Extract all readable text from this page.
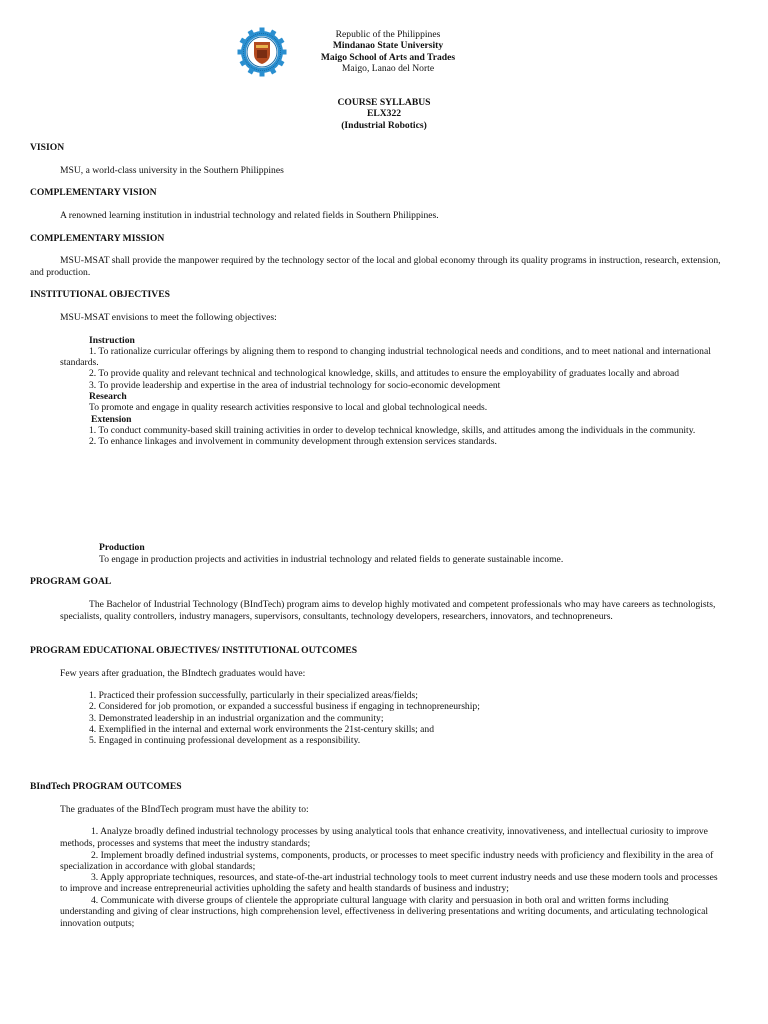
Republic of the Philippines
Mindanao State University
Maigo School of Arts and Trades
Maigo, Lanao del Norte
COURSE SYLLABUS
ELX322
(Industrial Robotics)
VISION
MSU, a world-class university in the Southern Philippines
COMPLEMENTARY VISION
A renowned learning institution in industrial technology and related fields in Southern Philippines.
COMPLEMENTARY MISSION
MSU-MSAT shall provide the manpower required by the technology sector of the local and global economy through its quality programs in instruction, research, extension,
and production.
INSTITUTIONAL OBJECTIVES
MSU-MSAT envisions to meet the following objectives:
Instruction
1. To rationalize curricular offerings by aligning them to respond to changing industrial technological needs and conditions, and to meet national and international
standards.
2. To provide quality and relevant technical and technological knowledge, skills, and attitudes to ensure the employability of graduates locally and abroad
3. To provide leadership and expertise in the area of industrial technology for socio-economic development
Research
To promote and engage in quality research activities responsive to local and global technological needs.
Extension
1. To conduct community-based skill training activities in order to develop technical knowledge, skills, and attitudes among the individuals in the community.
2. To enhance linkages and involvement in community development through extension services standards.
Production
To engage in production projects and activities in industrial technology and related fields to generate sustainable income.
PROGRAM GOAL
The Bachelor of Industrial Technology (BIndTech) program aims to develop highly motivated and competent professionals who may have careers as technologists,
specialists, quality controllers, industry managers, supervisors, consultants, technology developers, researchers, innovators, and technopreneurs.
PROGRAM EDUCATIONAL OBJECTIVES/ INSTITUTIONAL OUTCOMES
Few years after graduation, the BIndtech graduates would have:
1. Practiced their profession successfully, particularly in their specialized areas/fields;
2. Considered for job promotion, or expanded a successful business if engaging in technopreneurship;
3. Demonstrated leadership in an industrial organization and the community;
4. Exemplified in the internal and external work environments the 21st-century skills; and
5. Engaged in continuing professional development as a responsibility.
BIndTech PROGRAM OUTCOMES
The graduates of the BIndTech program must have the ability to:
1. Analyze broadly defined industrial technology processes by using analytical tools that enhance creativity, innovativeness, and intellectual curiosity to improve
methods, processes and systems that meet the industry standards;
2. Implement broadly defined industrial systems, components, products, or processes to meet specific industry needs with proficiency and flexibility in the area of
specialization in accordance with global standards;
3. Apply appropriate techniques, resources, and state-of-the-art industrial technology tools to meet current industry needs and use these modern tools and processes
to improve and increase entrepreneurial activities upholding the safety and health standards of business and industry;
4. Communicate with diverse groups of clientele the appropriate cultural language with clarity and persuasion in both oral and written forms including
understanding and giving of clear instructions, high comprehension level, effectiveness in delivering presentations and writing documents, and articulating technological
innovation outputs;
